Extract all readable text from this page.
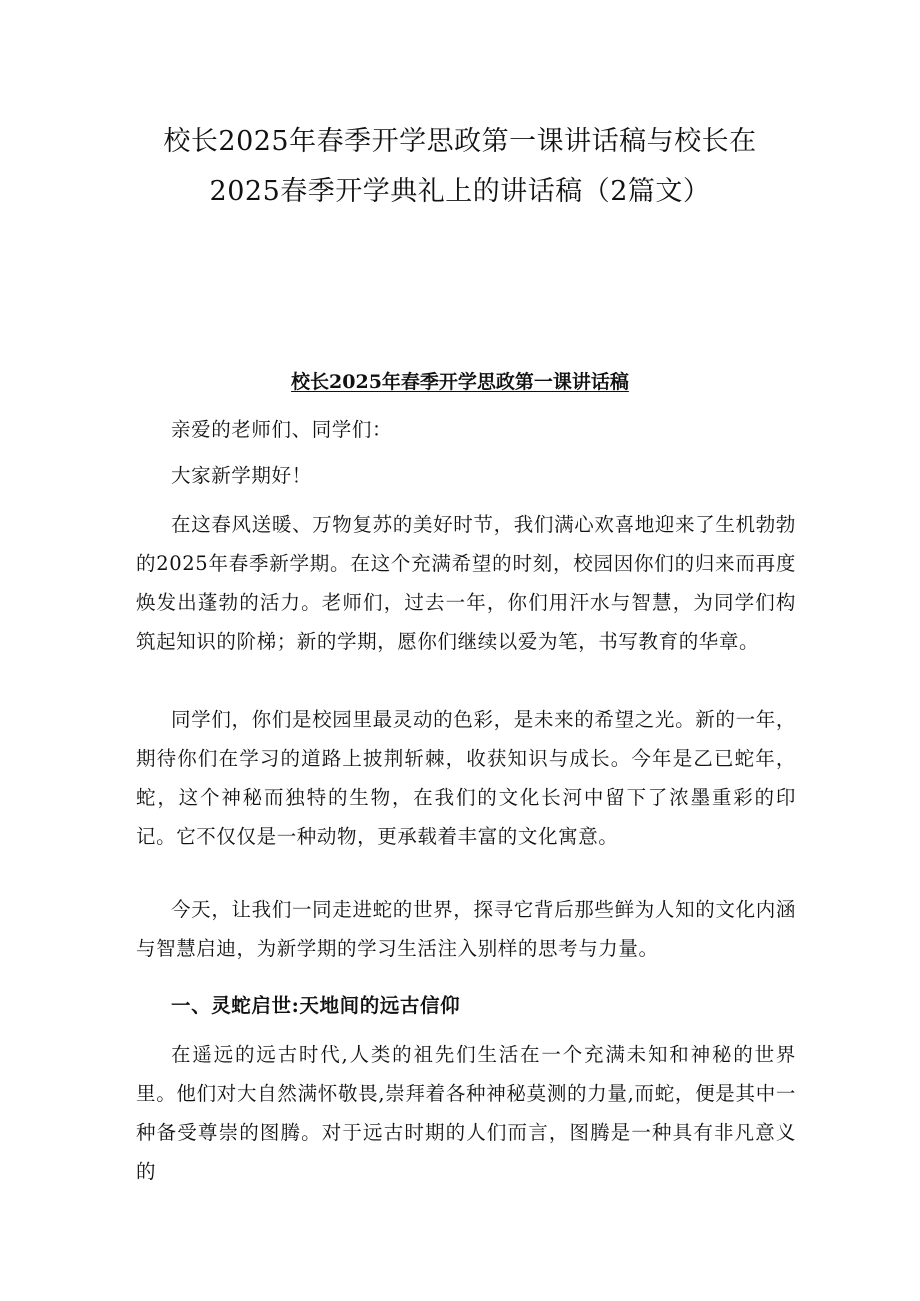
校长2025年春季开学思政第一课讲话稿与校长在
2025春季开学典礼上的讲话稿（2篇文）
校长2025年春季开学思政第一课讲话稿

亲爱的老师们、同学们：

大家新学期好！

在这春风送暖、万物复苏的美好时节，我们满心欢喜地迎来了生机勃勃的2025年春季新学期。在这个充满希望的时刻，校园因你们的归来而再度焕发出蓬勃的活力。老师们，过去一年，你们用汗水与智慧，为同学们构筑起知识的阶梯；新的学期，愿你们继续以爱为笔，书写教育的华章。

同学们，你们是校园里最灵动的色彩，是未来的希望之光。新的一年，期待你们在学习的道路上披荆斩棘，收获知识与成长。今年是乙已蛇年，蛇，这个神秘而独特的生物，在我们的文化长河中留下了浓墨重彩的印记。它不仅仅是一种动物，更承载着丰富的文化寓意。

今天，让我们一同走进蛇的世界，探寻它背后那些鲜为人知的文化内涵与智慧启迪，为新学期的学习生活注入别样的思考与力量。

一、灵蛇启世:天地间的远古信仰

在遥远的远古时代,人类的祖先们生活在一个充满未知和神秘的世界里。他们对大自然满怀敬畏,崇拜着各种神秘莫测的力量,而蛇，便是其中一种备受尊崇的图腾。对于远古时期的人们而言，图腾是一种具有非凡意义的
